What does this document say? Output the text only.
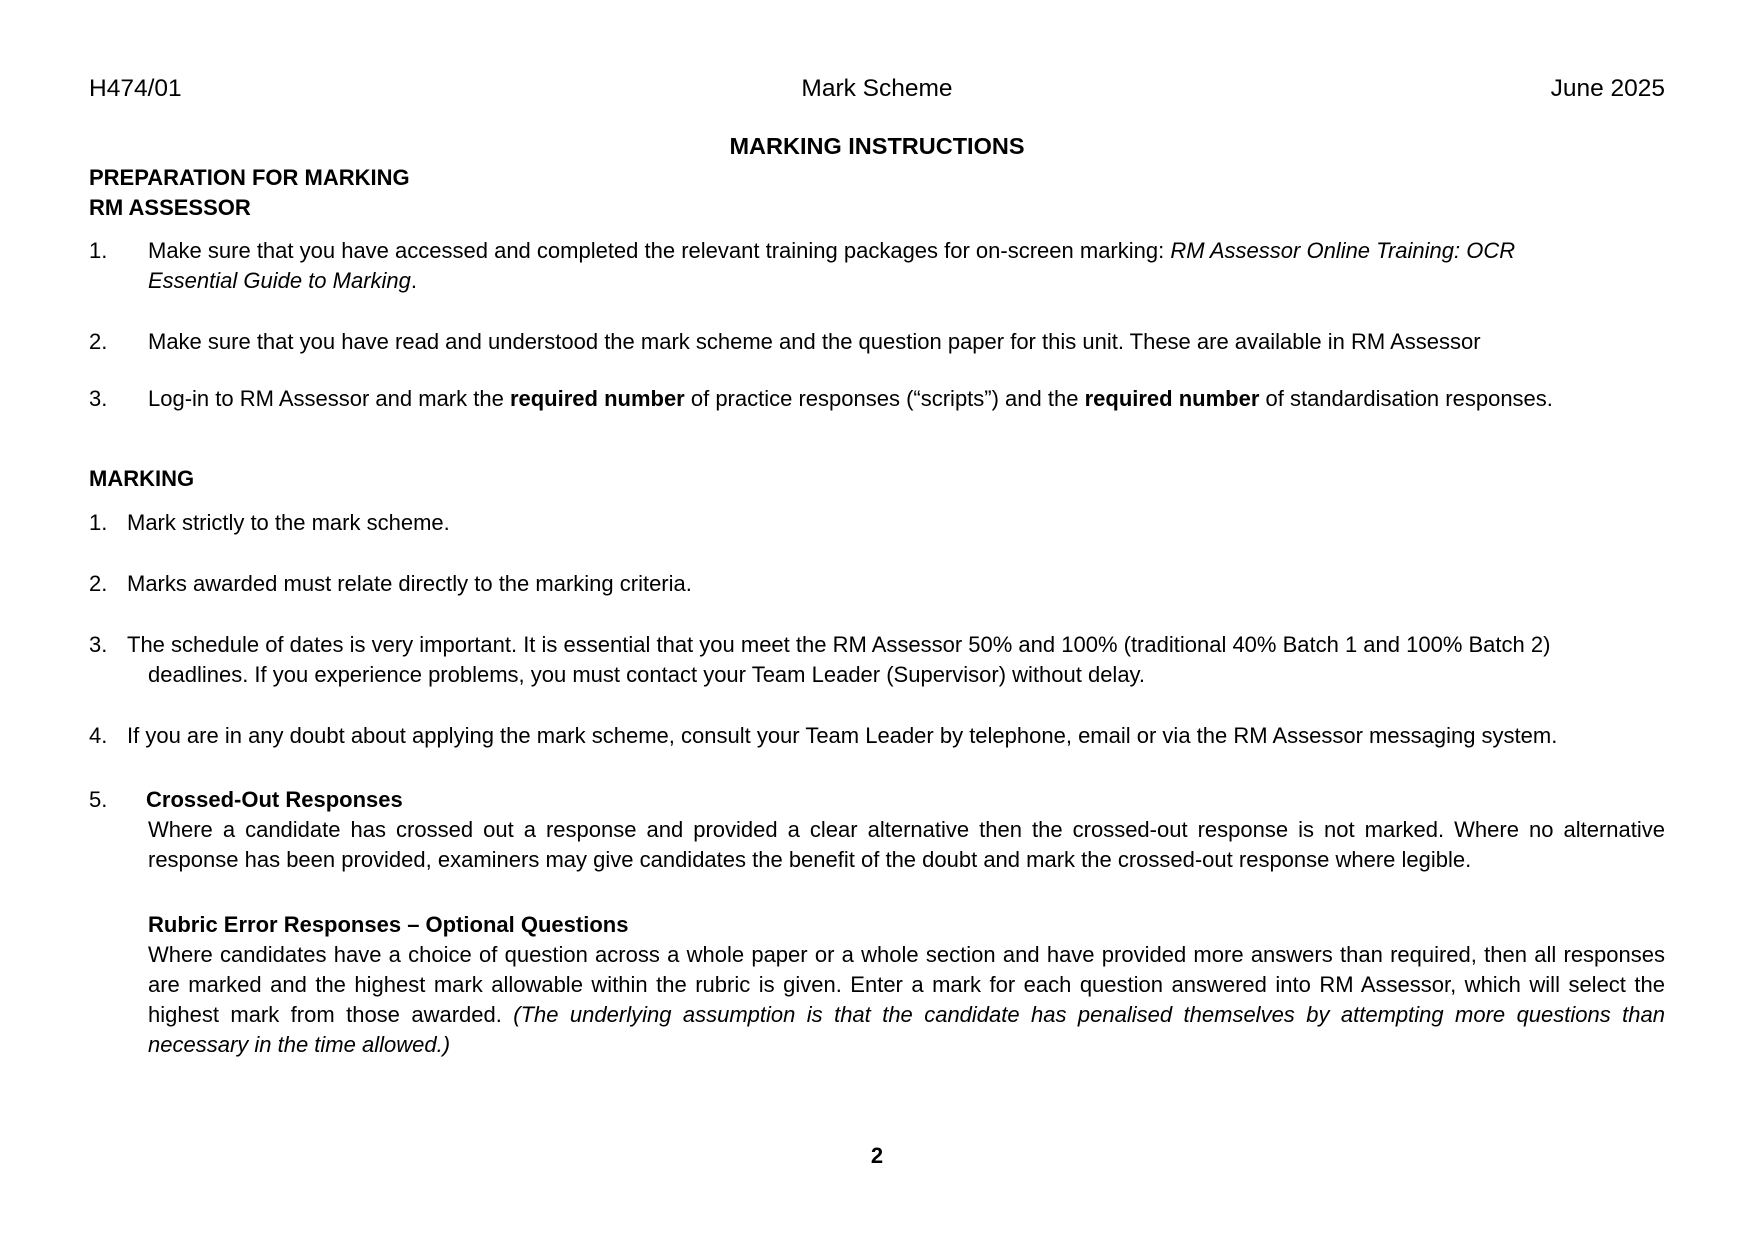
H474/01	Mark Scheme	June 2025
MARKING INSTRUCTIONS
PREPARATION FOR MARKING
RM ASSESSOR
1. Make sure that you have accessed and completed the relevant training packages for on-screen marking: RM Assessor Online Training: OCR
Essential Guide to Marking.
2. Make sure that you have read and understood the mark scheme and the question paper for this unit. These are available in RM Assessor
3. Log-in to RM Assessor and mark the required number of practice responses (“scripts”) and the required number of standardisation responses.
MARKING
1. Mark strictly to the mark scheme.
2. Marks awarded must relate directly to the marking criteria.
3. The schedule of dates is very important. It is essential that you meet the RM Assessor 50% and 100% (traditional 40% Batch 1 and 100% Batch 2)
deadlines. If you experience problems, you must contact your Team Leader (Supervisor) without delay.
4. If you are in any doubt about applying the mark scheme, consult your Team Leader by telephone, email or via the RM Assessor messaging system.
5. Crossed-Out Responses
Where a candidate has crossed out a response and provided a clear alternative then the crossed-out response is not marked. Where no alternative response has been provided, examiners may give candidates the benefit of the doubt and mark the crossed-out response where legible.
Rubric Error Responses – Optional Questions
Where candidates have a choice of question across a whole paper or a whole section and have provided more answers than required, then all responses are marked and the highest mark allowable within the rubric is given. Enter a mark for each question answered into RM Assessor, which will select the highest mark from those awarded. (The underlying assumption is that the candidate has penalised themselves by attempting more questions than necessary in the time allowed.)
2
